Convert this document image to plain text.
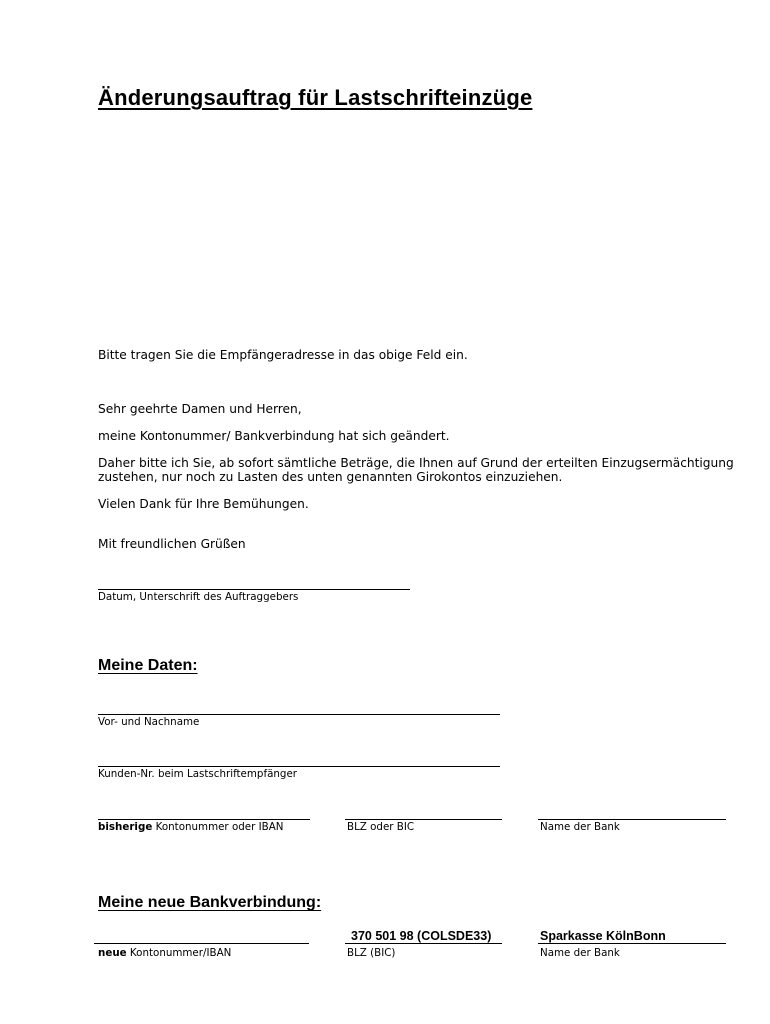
Änderungsauftrag für Lastschrifteinzüge
Bitte tragen Sie die Empfängeradresse in das obige Feld ein.
Sehr geehrte Damen und Herren,
meine Kontonummer/ Bankverbindung hat sich geändert.
Daher bitte ich Sie, ab sofort sämtliche Beträge, die Ihnen auf Grund der erteilten Einzugsermächtigung
zustehen, nur noch zu Lasten des unten genannten Girokontos einzuziehen.
Vielen Dank für Ihre Bemühungen.
Mit freundlichen Grüßen
Datum, Unterschrift des Auftraggebers
Meine Daten:
Vor- und Nachname
Kunden-Nr. beim Lastschriftempfänger
bisherige Kontonummer oder IBAN	BLZ oder BIC	Name der Bank
Meine neue Bankverbindung:
neue Kontonummer/IBAN
370 501 98 (COLSDE33)
BLZ (BIC)
Sparkasse KölnBonn
Name der Bank
